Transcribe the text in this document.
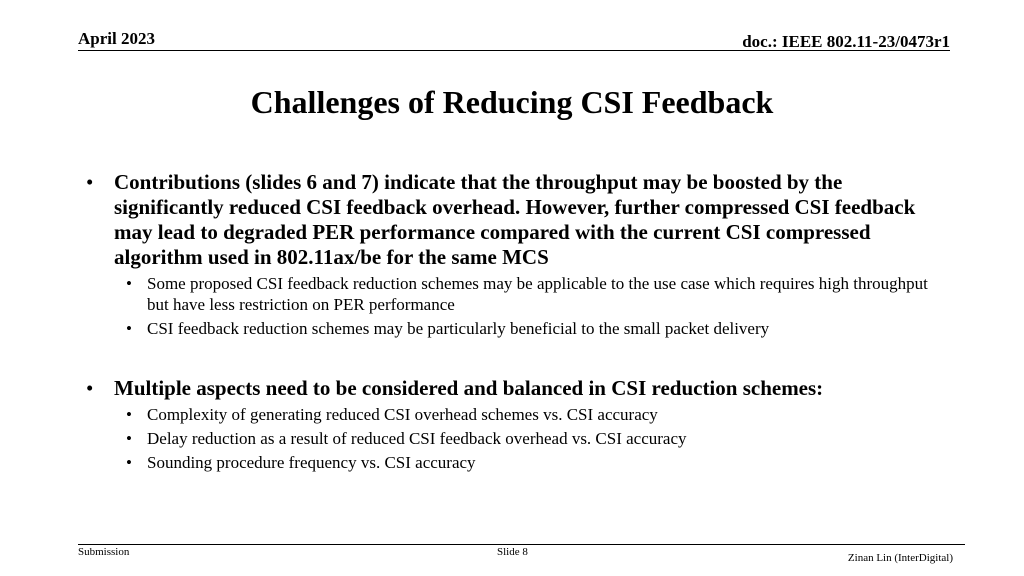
April 2023	doc.: IEEE 802.11-23/0473r1
Challenges of Reducing CSI Feedback
• Contributions (slides 6 and 7) indicate that the throughput may be boosted by the significantly reduced CSI feedback overhead. However, further compressed CSI feedback may lead to degraded PER performance compared with the current CSI compressed algorithm used in 802.11ax/be for the same MCS
• Some proposed CSI feedback reduction schemes may be applicable to the use case which requires high throughput but have less restriction on PER performance
• CSI feedback reduction schemes may be particularly beneficial to the small packet delivery
• Multiple aspects need to be considered and balanced in CSI reduction schemes:
• Complexity of generating reduced CSI overhead schemes vs. CSI accuracy
• Delay reduction as a result of reduced CSI feedback overhead vs. CSI accuracy
• Sounding procedure frequency vs. CSI accuracy
Submission	Slide 8	Zinan Lin (InterDigital)
